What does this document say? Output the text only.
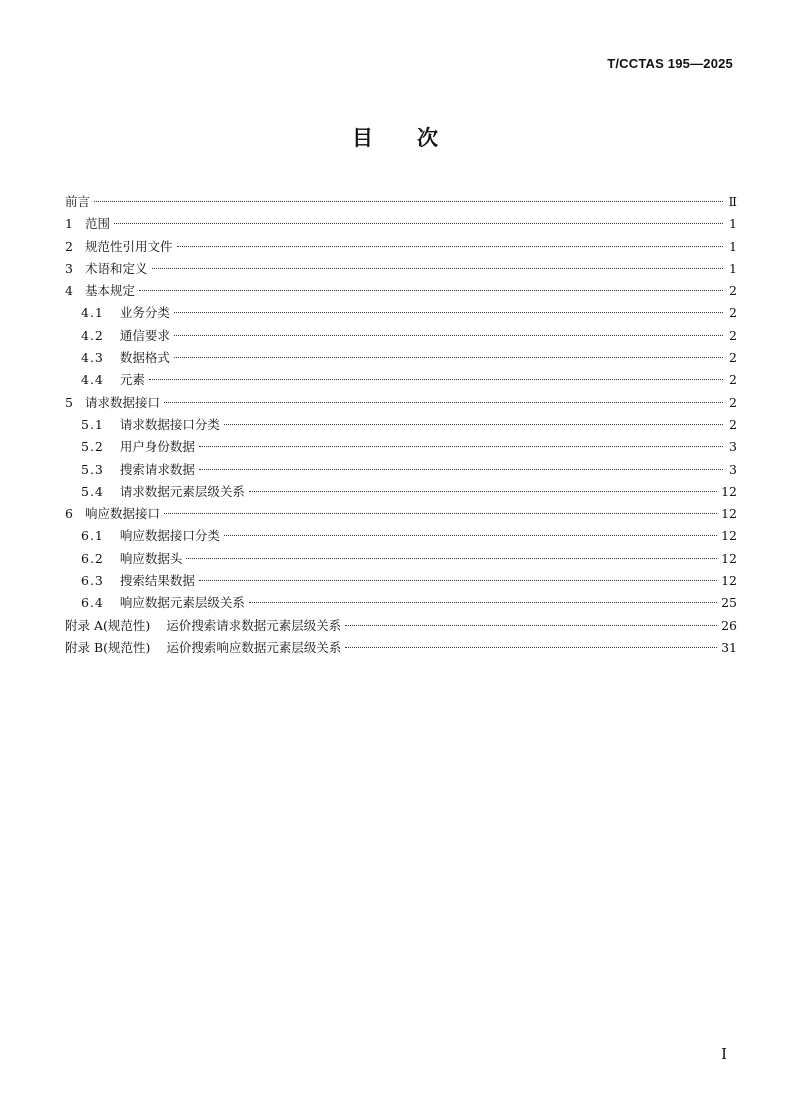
T/CCTAS 195—2025
目 次
前言	Ⅱ
1 范围	1
2 规范性引用文件	1
3 术语和定义	1
4 基本规定	2
4.1 业务分类	2
4.2 通信要求	2
4.3 数据格式	2
4.4 元素	2
5 请求数据接口	2
5.1 请求数据接口分类	2
5.2 用户身份数据	3
5.3 搜索请求数据	3
5.4 请求数据元素层级关系	12
6 响应数据接口	12
6.1 响应数据接口分类	12
6.2 响应数据头	12
6.3 搜索结果数据	12
6.4 响应数据元素层级关系	25
附录 A(规范性) 运价搜索请求数据元素层级关系	26
附录 B(规范性) 运价搜索响应数据元素层级关系	31
I
